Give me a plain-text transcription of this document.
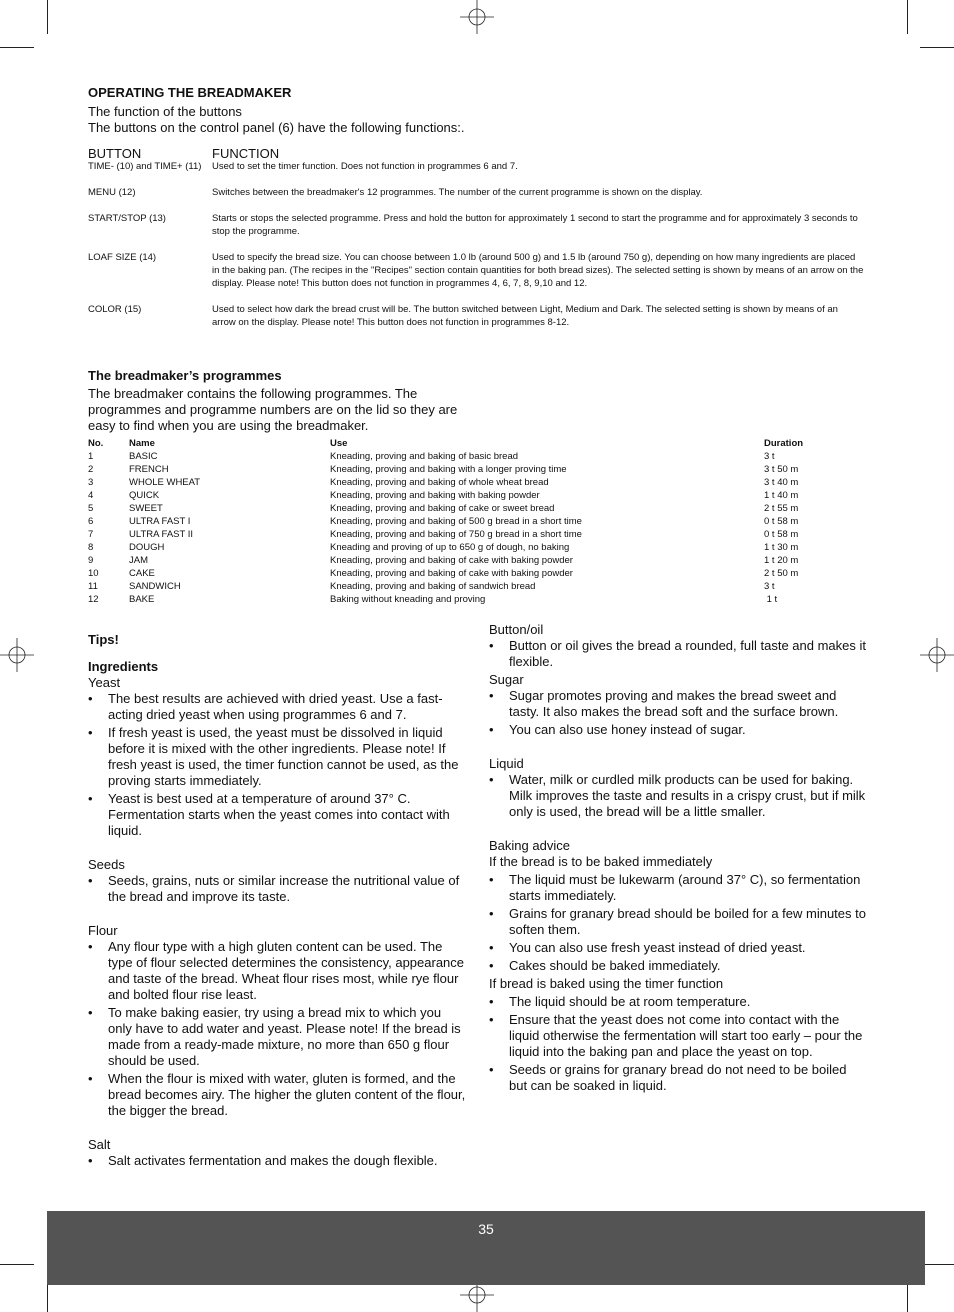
OPERATING THE BREADMAKER
The function of the buttons
The buttons on the control panel (6) have the following functions:.
BUTTON	FUNCTION
TIME- (10) and TIME+ (11)	Used to set the timer function. Does not function in programmes 6 and 7.
MENU (12)	Switches between the breadmaker's 12 programmes. The number of the current programme is shown on the display.
START/STOP (13)	Starts or stops the selected programme. Press and hold the button for approximately 1 second to start the programme and for approximately 3 seconds to stop the programme.
LOAF SIZE (14)	Used to specify the bread size. You can choose between 1.0 lb (around 500 g) and 1.5 lb (around 750 g), depending on how many ingredients are placed in the baking pan. (The recipes in the "Recipes" section contain quantities for both bread sizes). The selected setting is shown by means of an arrow on the display. Please note! This button does not function in programmes 4, 6, 7, 8, 9,10 and 12.
COLOR (15)	Used to select how dark the bread crust will be. The button switched between Light, Medium and Dark. The selected setting is shown by means of an arrow on the display. Please note! This button does not function in programmes 8-12.
The breadmaker’s programmes
The breadmaker contains the following programmes. The programmes and programme numbers are on the lid so they are easy to find when you are using the breadmaker.
No.	Name	Use	Duration
1	BASIC	Kneading, proving and baking of basic bread	3 t
2	FRENCH	Kneading, proving and baking with a longer proving time	3 t 50 m
3	WHOLE WHEAT	Kneading, proving and baking of whole wheat bread	3 t 40 m
4	QUICK	Kneading, proving and baking with baking powder	1 t 40 m
5	SWEET	Kneading, proving and baking of cake or sweet bread	2 t 55 m
6	ULTRA FAST I	Kneading, proving and baking of 500 g bread in a short time	0 t 58 m
7	ULTRA FAST II	Kneading, proving and baking of 750 g bread in a short time	0 t 58 m
8	DOUGH	Kneading and proving of up to 650 g of dough, no baking	1 t 30 m
9	JAM	Kneading, proving and baking of cake with baking powder	1 t 20 m
10	CAKE	Kneading, proving and baking of cake with baking powder	2 t 50 m
11	SANDWICH	Kneading, proving and baking of sandwich bread	3 t
12	BAKE	Baking without kneading and proving	1 t
Tips!
Ingredients
Yeast
• The best results are achieved with dried yeast. Use a fast-acting dried yeast when using programmes 6 and 7.
• If fresh yeast is used, the yeast must be dissolved in liquid before it is mixed with the other ingredients. Please note! If fresh yeast is used, the timer function cannot be used, as the proving starts immediately.
• Yeast is best used at a temperature of around 37° C. Fermentation starts when the yeast comes into contact with liquid.
Seeds
• Seeds, grains, nuts or similar increase the nutritional value of the bread and improve its taste.
Flour
• Any flour type with a high gluten content can be used. The type of flour selected determines the consistency, appearance and taste of the bread. Wheat flour rises most, while rye flour and bolted flour rise least.
• To make baking easier, try using a bread mix to which you only have to add water and yeast. Please note! If the bread is made from a ready-made mixture, no more than 650 g flour should be used.
• When the flour is mixed with water, gluten is formed, and the bread becomes airy. The higher the gluten content of the flour, the bigger the bread.
Salt
• Salt activates fermentation and makes the dough flexible.
Button/oil
• Button or oil gives the bread a rounded, full taste and makes it flexible.
Sugar
• Sugar promotes proving and makes the bread sweet and tasty. It also makes the bread soft and the surface brown.
• You can also use honey instead of sugar.
Liquid
• Water, milk or curdled milk products can be used for baking. Milk improves the taste and results in a crispy crust, but if milk only is used, the bread will be a little smaller.
Baking advice
If the bread is to be baked immediately
• The liquid must be lukewarm (around 37° C), so fermentation starts immediately.
• Grains for granary bread should be boiled for a few minutes to soften them.
• You can also use fresh yeast instead of dried yeast.
• Cakes should be baked immediately.
If bread is baked using the timer function
• The liquid should be at room temperature.
• Ensure that the yeast does not come into contact with the liquid otherwise the fermentation will start too early – pour the liquid into the baking pan and place the yeast on top.
• Seeds or grains for granary bread do not need to be boiled but can be soaked in liquid.
35
